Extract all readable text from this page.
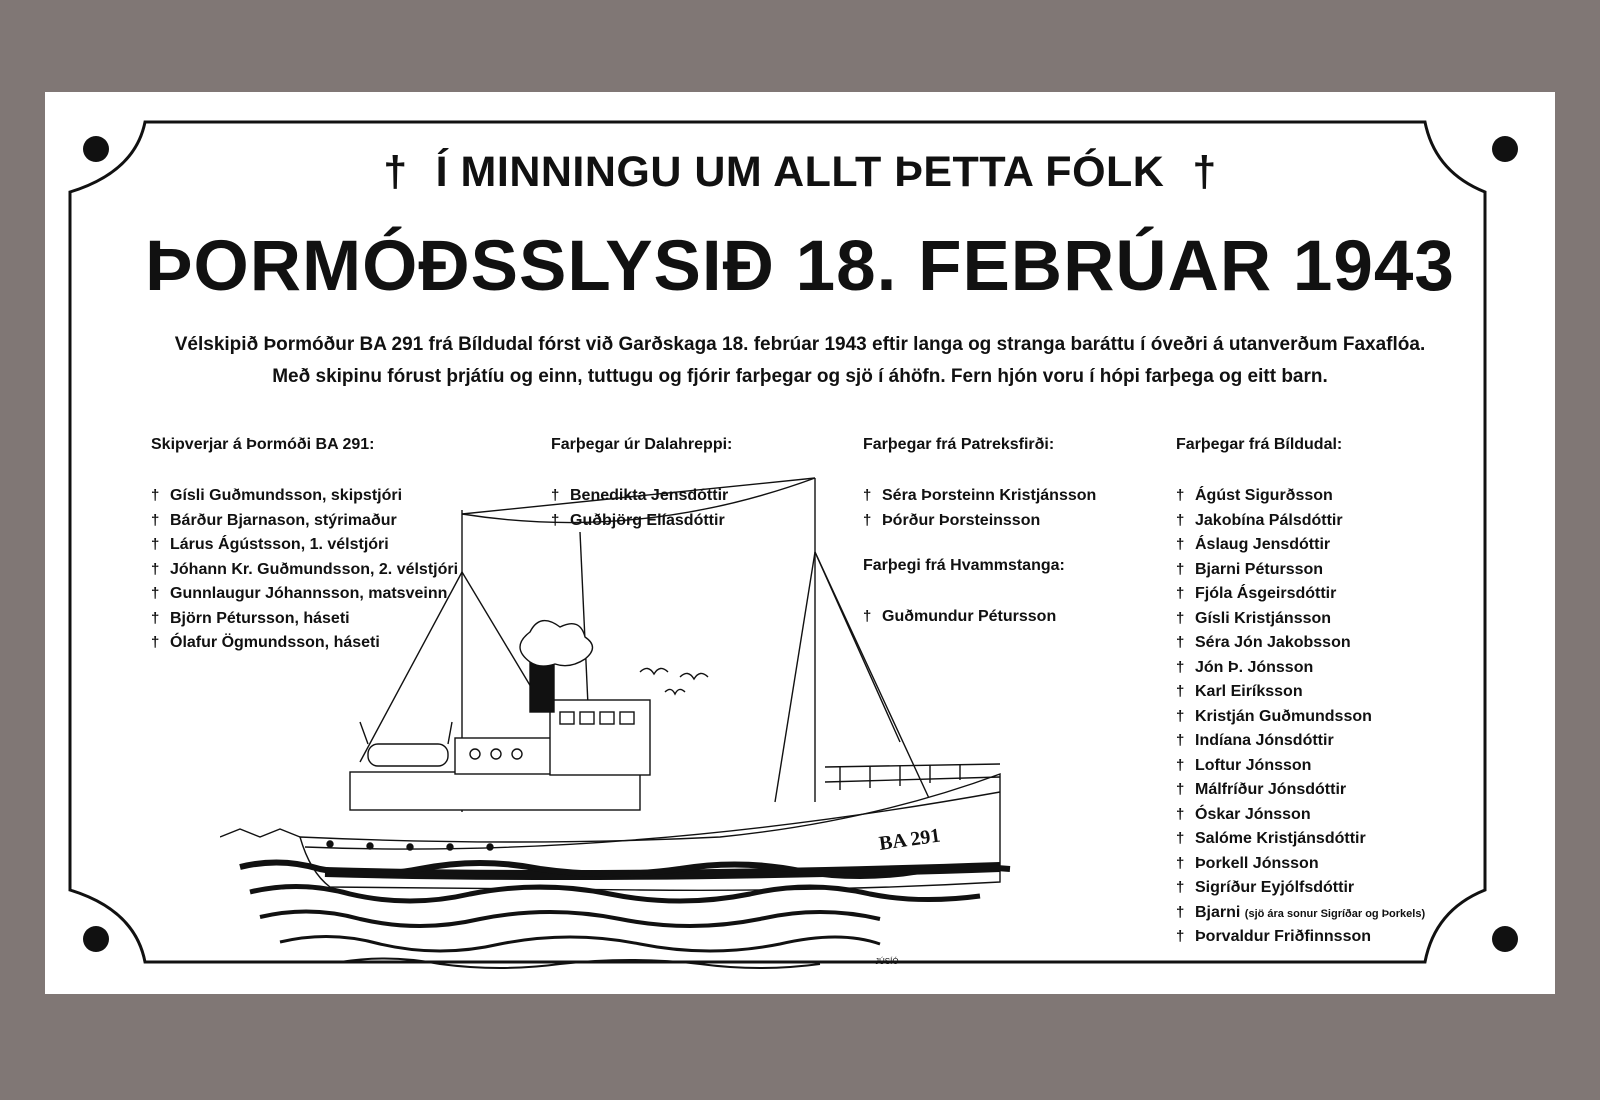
† Í MINNINGU UM ALLT ÞETTA FÓLK †
ÞORMÓÐSSLYSIÐ 18. FEBRÚAR 1943
Vélskipið Þormóður BA 291 frá Bíldudal fórst við Garðskaga 18. febrúar 1943 eftir langa og stranga baráttu í óveðri á utanverðum Faxaflóa.
Með skipinu fórust þrjátíu og einn, tuttugu og fjórir farþegar og sjö í áhöfn. Fern hjón voru í hópi farþega og eitt barn.
BA 291
JÚSÍÓ
Skipverjar á Þormóði BA 291:
† Gísli Guðmundsson, skipstjóri
† Bárður Bjarnason, stýrimaður
† Lárus Ágústsson, 1. vélstjóri
† Jóhann Kr. Guðmundsson, 2. vélstjóri
† Gunnlaugur Jóhannsson, matsveinn
† Björn Pétursson, háseti
† Ólafur Ögmundsson, háseti
Farþegar úr Dalahreppi:
† Benedikta Jensdóttir
† Guðbjörg Elíasdóttir
Farþegar frá Patreksfirði:
† Séra Þorsteinn Kristjánsson
† Þórður Þorsteinsson
Farþegi frá Hvammstanga:
† Guðmundur Pétursson
Farþegar frá Bíldudal:
† Ágúst Sigurðsson
† Jakobína Pálsdóttir
† Áslaug Jensdóttir
† Bjarni Pétursson
† Fjóla Ásgeirsdóttir
† Gísli Kristjánsson
† Séra Jón Jakobsson
† Jón Þ. Jónsson
† Karl Eiríksson
† Kristján Guðmundsson
† Indíana Jónsdóttir
† Loftur Jónsson
† Málfríður Jónsdóttir
† Óskar Jónsson
† Salóme Kristjánsdóttir
† Þorkell Jónsson
† Sigríður Eyjólfsdóttir
† Bjarni (sjö ára sonur Sigríðar og Þorkels)
† Þorvaldur Friðfinnsson
